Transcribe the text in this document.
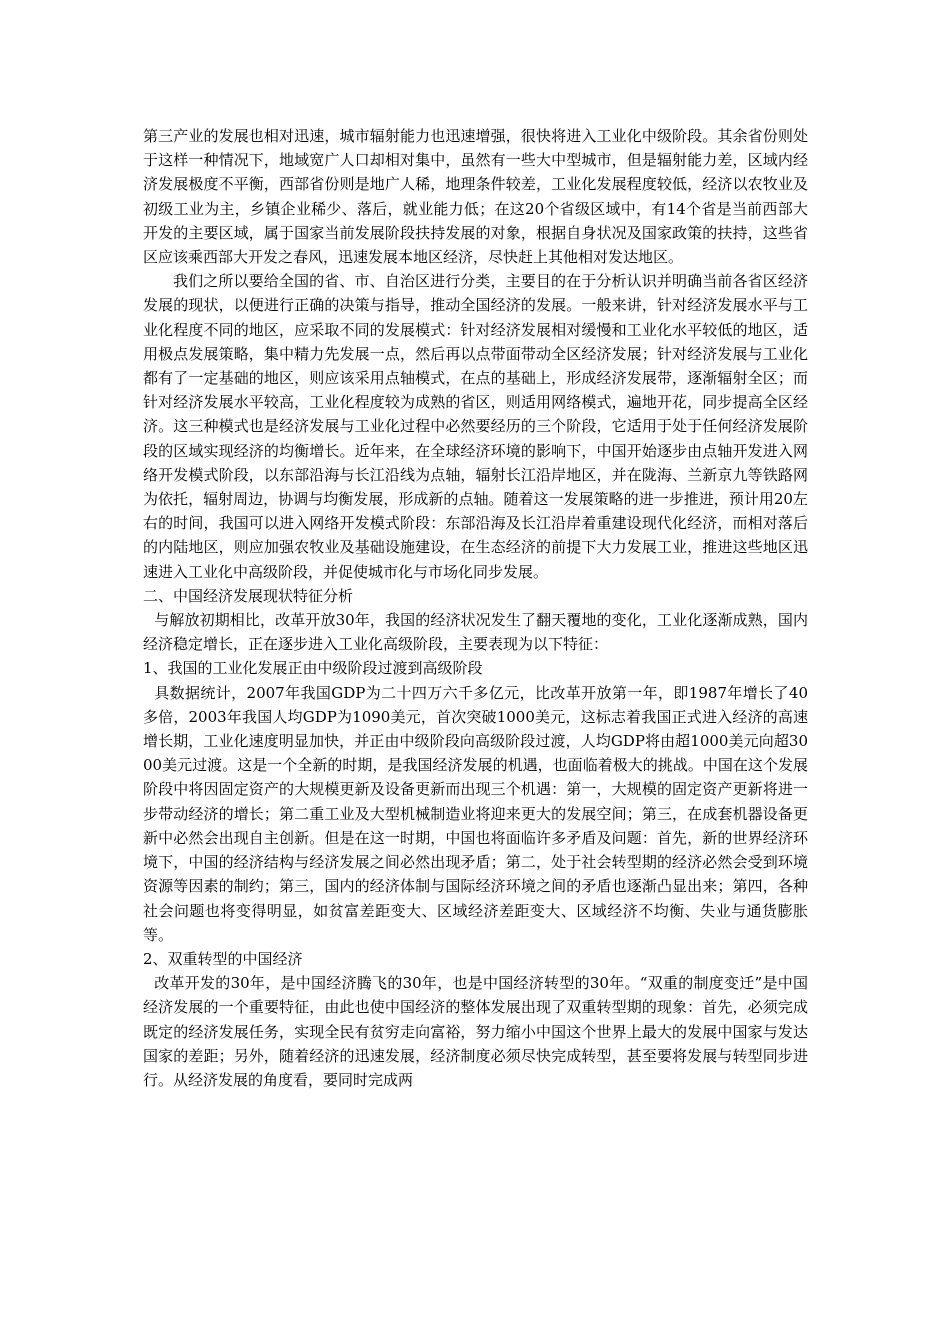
第三产业的发展也相对迅速，城市辐射能力也迅速增强，很快将进入工业化中级阶段。其余省份则处于这样一种情况下，地域宽广人口却相对集中，虽然有一些大中型城市，但是辐射能力差，区域内经济发展极度不平衡，西部省份则是地广人稀，地理条件较差，工业化发展程度较低，经济以农牧业及初级工业为主，乡镇企业稀少、落后，就业能力低；在这20个省级区域中，有14个省是当前西部大开发的主要区域，属于国家当前发展阶段扶持发展的对象，根据自身状况及国家政策的扶持，这些省区应该乘西部大开发之春风，迅速发展本地区经济，尽快赶上其他相对发达地区。

我们之所以要给全国的省、市、自治区进行分类，主要目的在于分析认识并明确当前各省区经济发展的现状，以便进行正确的决策与指导，推动全国经济的发展。一般来讲，针对经济发展水平与工业化程度不同的地区，应采取不同的发展模式：针对经济发展相对缓慢和工业化水平较低的地区，适用极点发展策略，集中精力先发展一点，然后再以点带面带动全区经济发展；针对经济发展与工业化都有了一定基础的地区，则应该采用点轴模式，在点的基础上，形成经济发展带，逐渐辐射全区；而针对经济发展水平较高，工业化程度较为成熟的省区，则适用网络模式，遍地开花，同步提高全区经济。这三种模式也是经济发展与工业化过程中必然要经历的三个阶段，它适用于处于任何经济发展阶段的区域实现经济的均衡增长。近年来，在全球经济环境的影响下，中国开始逐步由点轴开发进入网络开发模式阶段，以东部沿海与长江沿线为点轴，辐射长江沿岸地区，并在陇海、兰新京九等铁路网为依托，辐射周边，协调与均衡发展，形成新的点轴。随着这一发展策略的进一步推进，预计用20左右的时间，我国可以进入网络开发模式阶段：东部沿海及长江沿岸着重建设现代化经济，而相对落后的内陆地区，则应加强农牧业及基础设施建设，在生态经济的前提下大力发展工业，推进这些地区迅速进入工业化中高级阶段，并促使城市化与市场化同步发展。

二、中国经济发展现状特征分析

与解放初期相比，改革开放30年，我国的经济状况发生了翻天覆地的变化，工业化逐渐成熟，国内经济稳定增长，正在逐步进入工业化高级阶段，主要表现为以下特征：

1、我国的工业化发展正由中级阶段过渡到高级阶段

具数据统计，2007年我国GDP为二十四万六千多亿元，比改革开放第一年，即1987年增长了40多倍，2003年我国人均GDP为1090美元，首次突破1000美元，这标志着我国正式进入经济的高速增长期，工业化速度明显加快，并正由中级阶段向高级阶段过渡，人均GDP将由超1000美元向超3000美元过渡。这是一个全新的时期，是我国经济发展的机遇，也面临着极大的挑战。中国在这个发展阶段中将因固定资产的大规模更新及设备更新而出现三个机遇：第一，大规模的固定资产更新将进一步带动经济的增长；第二重工业及大型机械制造业将迎来更大的发展空间；第三，在成套机器设备更新中必然会出现自主创新。但是在这一时期，中国也将面临许多矛盾及问题：首先，新的世界经济环境下，中国的经济结构与经济发展之间必然出现矛盾；第二，处于社会转型期的经济必然会受到环境资源等因素的制约；第三，国内的经济体制与国际经济环境之间的矛盾也逐渐凸显出来；第四，各种社会问题也将变得明显，如贫富差距变大、区域经济差距变大、区域经济不均衡、失业与通货膨胀等。

2、双重转型的中国经济

改革开发的30年，是中国经济腾飞的30年，也是中国经济转型的30年。“双重的制度变迁”是中国经济发展的一个重要特征，由此也使中国经济的整体发展出现了双重转型期的现象：首先，必须完成既定的经济发展任务，实现全民有贫穷走向富裕，努力缩小中国这个世界上最大的发展中国家与发达国家的差距；另外，随着经济的迅速发展，经济制度必须尽快完成转型，甚至要将发展与转型同步进行。从经济发展的角度看，要同时完成两
